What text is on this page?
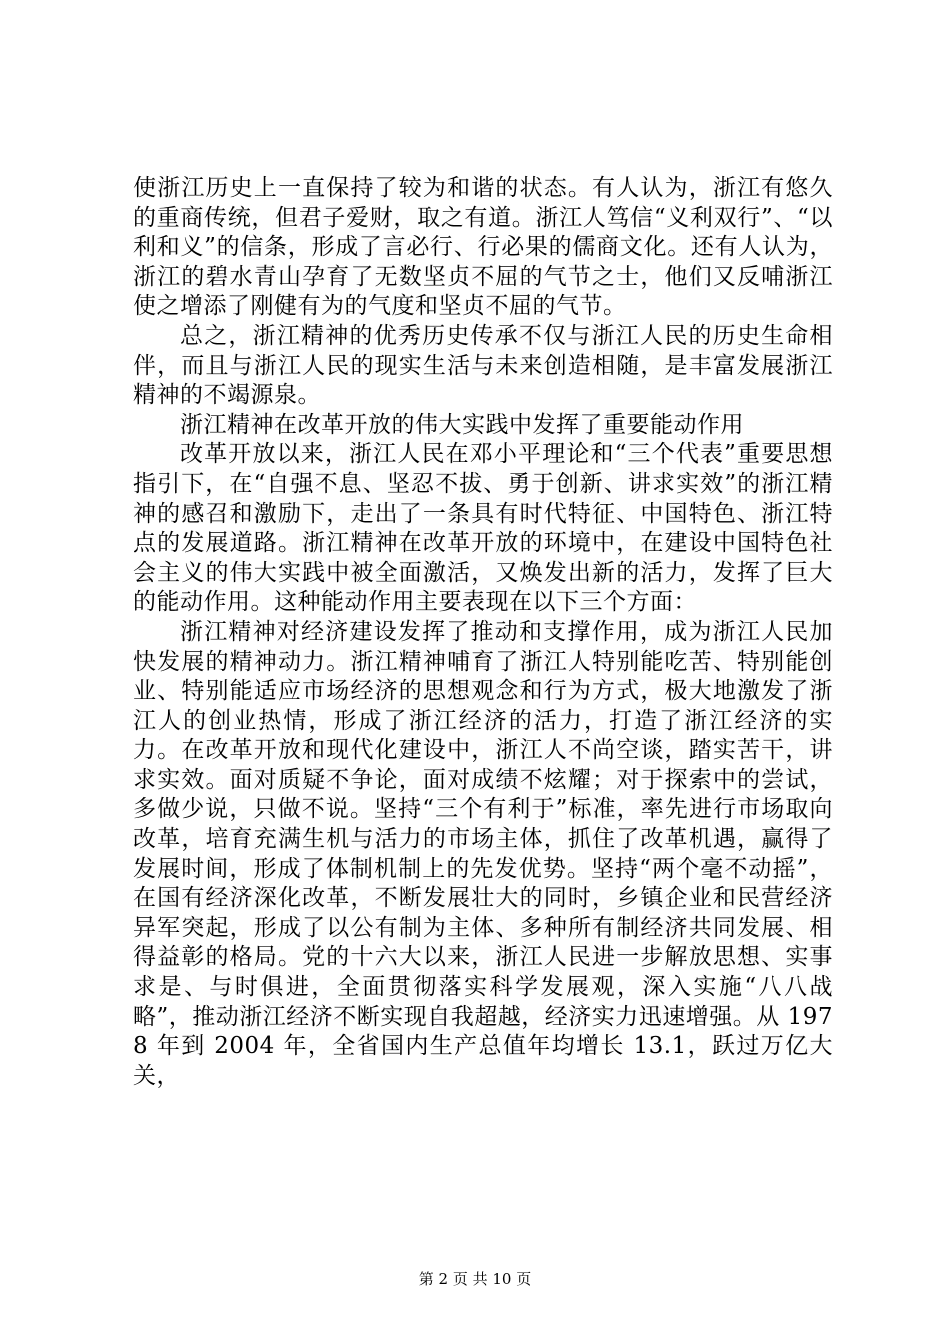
使浙江历史上一直保持了较为和谐的状态。有人认为，浙江有悠久的重商传统，但君子爱财，取之有道。浙江人笃信“义利双行”、“以利和义”的信条，形成了言必行、行必果的儒商文化。还有人认为，浙江的碧水青山孕育了无数坚贞不屈的气节之士，他们又反哺浙江使之增添了刚健有为的气度和坚贞不屈的气节。

总之，浙江精神的优秀历史传承不仅与浙江人民的历史生命相伴，而且与浙江人民的现实生活与未来创造相随，是丰富发展浙江精神的不竭源泉。

浙江精神在改革开放的伟大实践中发挥了重要能动作用

改革开放以来，浙江人民在邓小平理论和“三个代表”重要思想指引下，在“自强不息、坚忍不拔、勇于创新、讲求实效”的浙江精神的感召和激励下，走出了一条具有时代特征、中国特色、浙江特点的发展道路。浙江精神在改革开放的环境中，在建设中国特色社会主义的伟大实践中被全面激活，又焕发出新的活力，发挥了巨大的能动作用。这种能动作用主要表现在以下三个方面：

浙江精神对经济建设发挥了推动和支撑作用，成为浙江人民加快发展的精神动力。浙江精神哺育了浙江人特别能吃苦、特别能创业、特别能适应市场经济的思想观念和行为方式，极大地激发了浙江人的创业热情，形成了浙江经济的活力，打造了浙江经济的实力。在改革开放和现代化建设中，浙江人不尚空谈，踏实苦干，讲求实效。面对质疑不争论，面对成绩不炫耀；对于探索中的尝试，多做少说，只做不说。坚持“三个有利于”标准，率先进行市场取向改革，培育充满生机与活力的市场主体，抓住了改革机遇，赢得了发展时间，形成了体制机制上的先发优势。坚持“两个毫不动摇”，在国有经济深化改革，不断发展壮大的同时，乡镇企业和民营经济异军突起，形成了以公有制为主体、多种所有制经济共同发展、相得益彰的格局。党的十六大以来，浙江人民进一步解放思想、实事求是、与时俱进，全面贯彻落实科学发展观，深入实施“八八战略”，推动浙江经济不断实现自我超越，经济实力迅速增强。从 1978 年到 2004 年，全省国内生产总值年均增长 13.1，跃过万亿大关，

第 2 页 共 10 页
